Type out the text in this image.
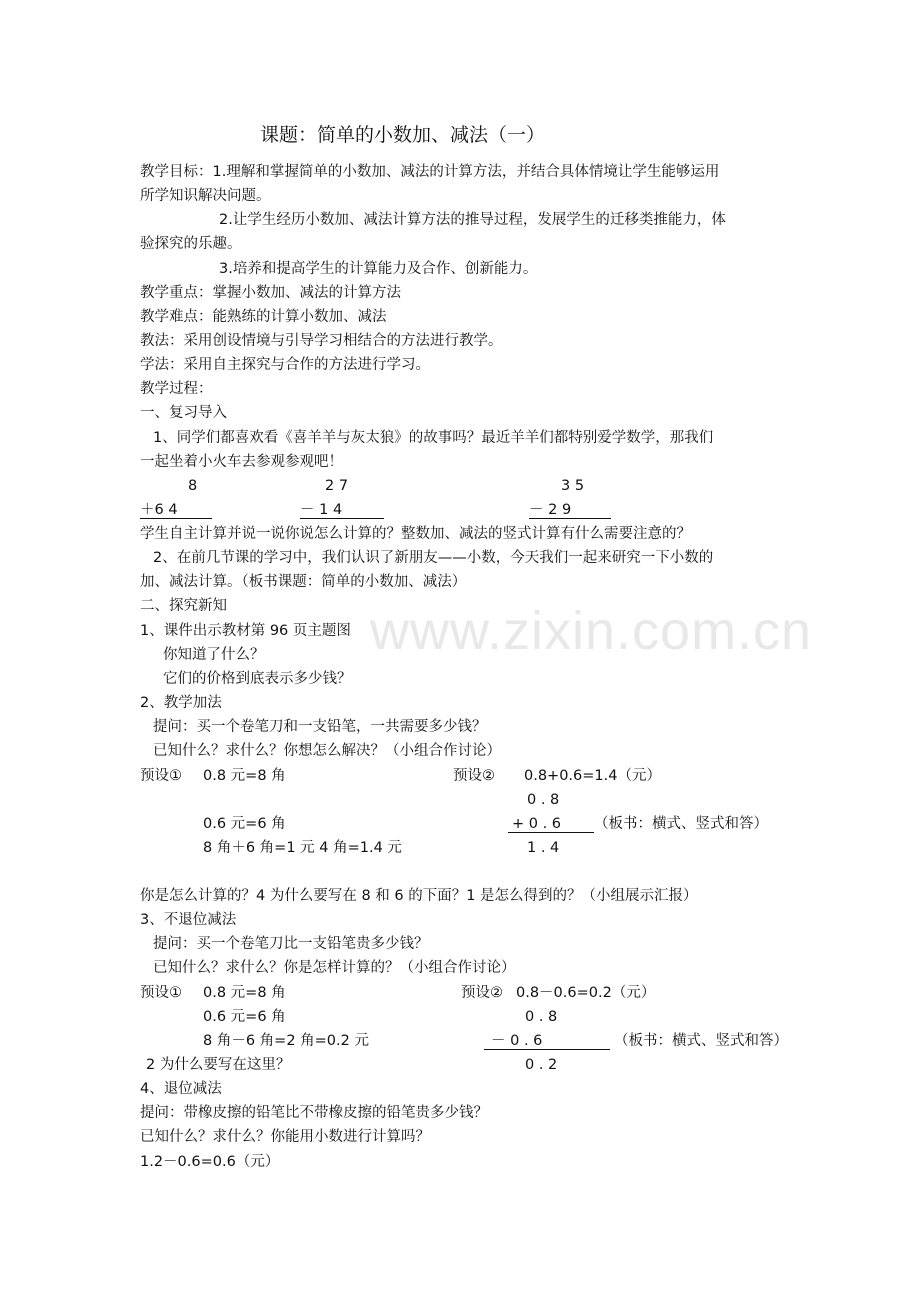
www.zixin.com.cn
课题：简单的小数加、减法（一）
教学目标：1.理解和掌握简单的小数加、减法的计算方法，并结合具体情境让学生能够运用
所学知识解决问题。
2.让学生经历小数加、减法计算方法的推导过程，发展学生的迁移类推能力，体
验探究的乐趣。
3.培养和提高学生的计算能力及合作、创新能力。
教学重点：掌握小数加、减法的计算方法
教学难点：能熟练的计算小数加、减法
教法：采用创设情境与引导学习相结合的方法进行教学。
学法：采用自主探究与合作的方法进行学习。
教学过程：
一、复习导入
1、同学们都喜欢看《喜羊羊与灰太狼》的故事吗？最近羊羊们都特别爱学数学，那我们
一起坐着小火车去参观参观吧！
8
＋6 4
2 7
－ 1 4
3 5
－ 2 9
学生自主计算并说一说你说怎么计算的？整数加、减法的竖式计算有什么需要注意的？
2、在前几节课的学习中，我们认识了新朋友——小数，今天我们一起来研究一下小数的
加、减法计算。（板书课题：简单的小数加、减法）
二、探究新知
1、课件出示教材第 96 页主题图
你知道了什么？
它们的价格到底表示多少钱？
2、教学加法
提问：买一个卷笔刀和一支铅笔，一共需要多少钱？
已知什么？求什么？你想怎么解决？（小组合作讨论）
预设① 0.8 元=8 角	预设② 0.8+0.6=1.4（元）
0 . 8
0.6 元=6 角	+ 0 . 6 （板书：横式、竖式和答）
8 角＋6 角=1 元 4 角=1.4 元	1 . 4
你是怎么计算的？4 为什么要写在 8 和 6 的下面？1 是怎么得到的？（小组展示汇报）
3、不退位减法
提问：买一个卷笔刀比一支铅笔贵多少钱？
已知什么？求什么？你是怎样计算的？（小组合作讨论）
预设① 0.8 元=8 角	预设② 0.8－0.6=0.2（元）
0.6 元=6 角	0 . 8
8 角－6 角=2 角=0.2 元	－ 0 . 6	（板书：横式、竖式和答）
2 为什么要写在这里？	0 . 2
4、退位减法
提问：带橡皮擦的铅笔比不带橡皮擦的铅笔贵多少钱？
已知什么？求什么？你能用小数进行计算吗？
1.2－0.6=0.6（元）
